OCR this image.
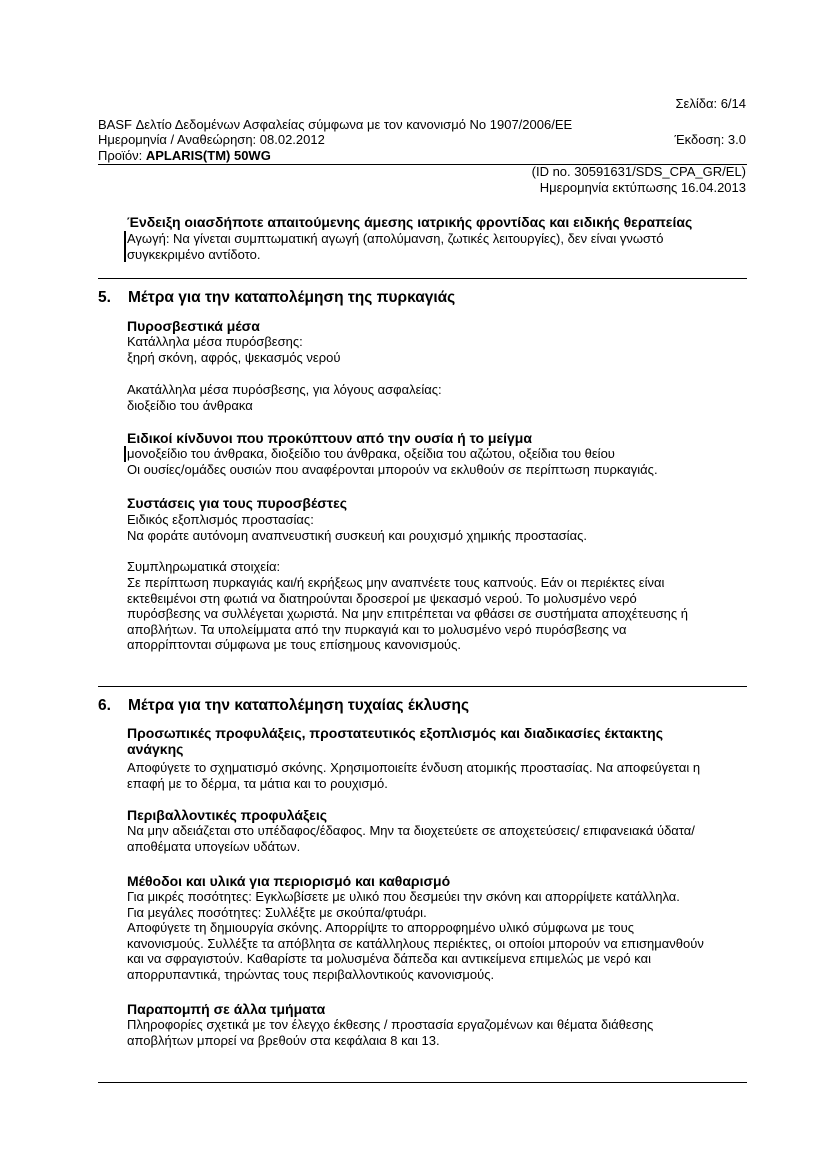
Σελίδα: 6/14
BASF Δελτίο Δεδομένων Ασφαλείας σύμφωνα με τον κανονισμό Νο 1907/2006/ΕΕ
Ημερομηνία / Αναθεώρηση: 08.02.2012	Έκδοση: 3.0
Προϊόν: APLARIS(TM) 50WG
(ID no. 30591631/SDS_CPA_GR/EL)
Ημερομηνία εκτύπωσης 16.04.2013
Ένδειξη οιασδήποτε απαιτούμενης άμεσης ιατρικής φροντίδας και ειδικής θεραπείας
Αγωγή: Να γίνεται συμπτωματική αγωγή (απολύμανση, ζωτικές λειτουργίες), δεν είναι γνωστό
συγκεκριμένο αντίδοτο.
5. Μέτρα για την καταπολέμηση της πυρκαγιάς
Πυροσβεστικά μέσα
Κατάλληλα μέσα πυρόσβεσης:
ξηρή σκόνη, αφρός, ψεκασμός νερού
Ακατάλληλα μέσα πυρόσβεσης, για λόγους ασφαλείας:
διοξείδιο του άνθρακα
Ειδικοί κίνδυνοι που προκύπτουν από την ουσία ή το μείγμα
μονοξείδιο του άνθρακα, διοξείδιο του άνθρακα, οξείδια του αζώτου, οξείδια του θείου
Οι ουσίες/ομάδες ουσιών που αναφέρονται μπορούν να εκλυθούν σε περίπτωση πυρκαγιάς.
Συστάσεις για τους πυροσβέστες
Ειδικός εξοπλισμός προστασίας:
Να φοράτε αυτόνομη αναπνευστική συσκευή και ρουχισμό χημικής προστασίας.
Συμπληρωματικά στοιχεία:
Σε περίπτωση πυρκαγιάς και/ή εκρήξεως μην αναπνέετε τους καπνούς. Εάν οι περιέκτες είναι
εκτεθειμένοι στη φωτιά να διατηρούνται δροσεροί με ψεκασμό νερού. Το μολυσμένο νερό
πυρόσβεσης να συλλέγεται χωριστά. Να μην επιτρέπεται να φθάσει σε συστήματα αποχέτευσης ή
αποβλήτων. Τα υπολείμματα από την πυρκαγιά και το μολυσμένο νερό πυρόσβεσης να
απορρίπτονται σύμφωνα με τους επίσημους κανονισμούς.
6. Μέτρα για την καταπολέμηση τυχαίας έκλυσης
Προσωπικές προφυλάξεις, προστατευτικός εξοπλισμός και διαδικασίες έκτακτης
ανάγκης
Αποφύγετε το σχηματισμό σκόνης. Χρησιμοποιείτε ένδυση ατομικής προστασίας. Να αποφεύγεται η
επαφή με το δέρμα, τα μάτια και το ρουχισμό.
Περιβαλλοντικές προφυλάξεις
Να μην αδειάζεται στο υπέδαφος/έδαφος. Μην τα διοχετεύετε σε αποχετεύσεις/ επιφανειακά ύδατα/
αποθέματα υπογείων υδάτων.
Μέθοδοι και υλικά για περιορισμό και καθαρισμό
Για μικρές ποσότητες: Εγκλωβίσετε με υλικό που δεσμεύει την σκόνη και απορρίψετε κατάλληλα.
Για μεγάλες ποσότητες: Συλλέξτε με σκούπα/φτυάρι.
Αποφύγετε τη δημιουργία σκόνης. Απορρίψτε το απορροφημένο υλικό σύμφωνα με τους
κανονισμούς. Συλλέξτε τα απόβλητα σε κατάλληλους περιέκτες, οι οποίοι μπορούν να επισημανθούν
και να σφραγιστούν. Καθαρίστε τα μολυσμένα δάπεδα και αντικείμενα επιμελώς με νερό και
απορρυπαντικά, τηρώντας τους περιβαλλοντικούς κανονισμούς.
Παραπομπή σε άλλα τμήματα
Πληροφορίες σχετικά με τον έλεγχο έκθεσης / προστασία εργαζομένων και θέματα διάθεσης
αποβλήτων μπορεί να βρεθούν στα κεφάλαια 8 και 13.
